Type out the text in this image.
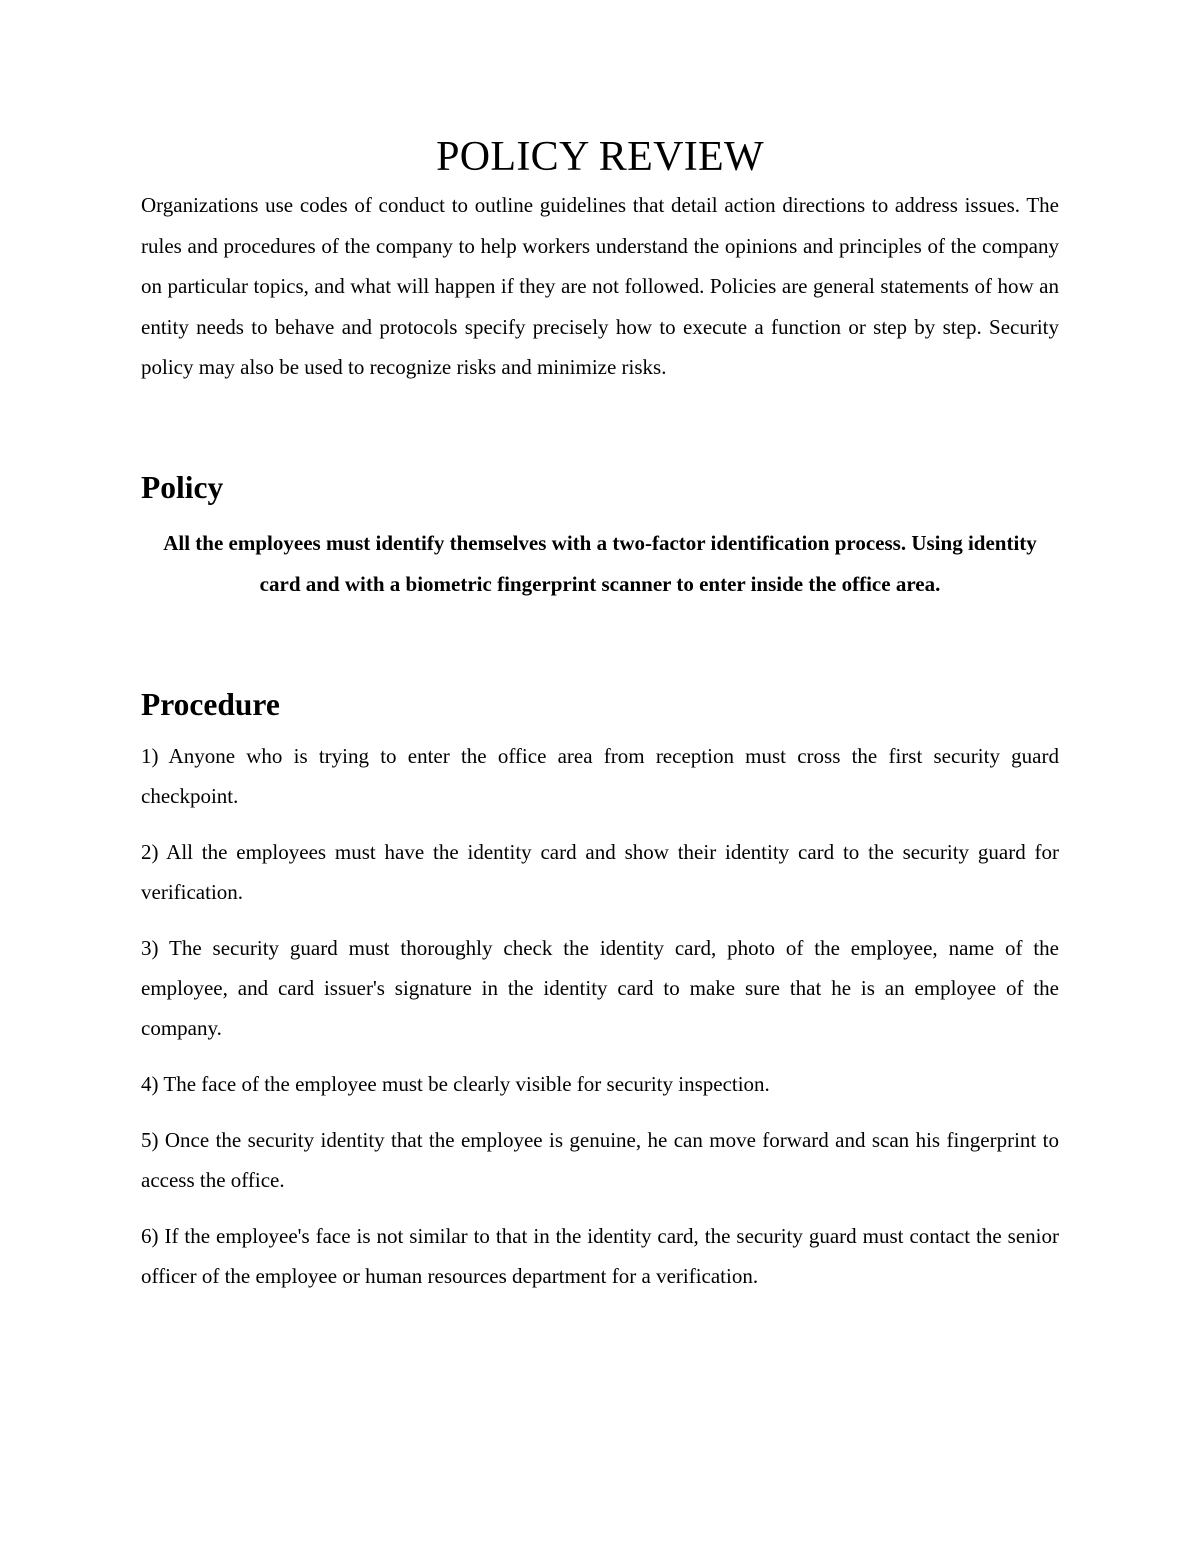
POLICY REVIEW

Organizations use codes of conduct to outline guidelines that detail action directions to address issues. The rules and procedures of the company to help workers understand the opinions and principles of the company on particular topics, and what will happen if they are not followed. Policies are general statements of how an entity needs to behave and protocols specify precisely how to execute a function or step by step. Security policy may also be used to recognize risks and minimize risks.

Policy

All the employees must identify themselves with a two-factor identification process. Using identity card and with a biometric fingerprint scanner to enter inside the office area.

Procedure
1) Anyone who is trying to enter the office area from reception must cross the first security guard checkpoint.
2) All the employees must have the identity card and show their identity card to the security guard for verification.
3) The security guard must thoroughly check the identity card, photo of the employee, name of the employee, and card issuer's signature in the identity card to make sure that he is an employee of the company.
4) The face of the employee must be clearly visible for security inspection.
5) Once the security identity that the employee is genuine, he can move forward and scan his fingerprint to access the office.
6) If the employee's face is not similar to that in the identity card, the security guard must contact the senior officer of the employee or human resources department for a verification.
